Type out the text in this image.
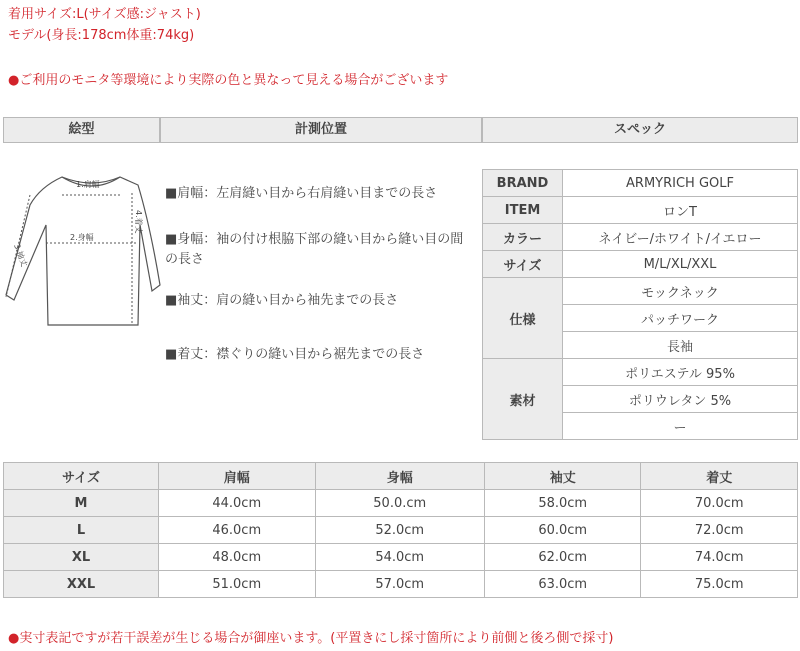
着用サイズ:L(サイズ感:ジャスト)
モデル(身長:178cm体重:74kg)
●ご利用のモニタ等環境により実際の色と異なって見える場合がございます
絵型	計測位置	スペック
1.肩幅
2.身幅
3.袖丈
4.着丈
■肩幅：左肩縫い目から右肩縫い目までの長さ
■身幅：袖の付け根脇下部の縫い目から縫い目の間の長さ
■袖丈：肩の縫い目から袖先までの長さ
■着丈：襟ぐりの縫い目から裾先までの長さ
BRAND	ARMYRICH GOLF
ITEM	ロンT
カラー	ネイビー/ホワイト/イエロー
サイズ	M/L/XL/XXL
仕様	モックネック
	パッチワーク
	長袖
素材	ポリエステル 95%
	ポリウレタン 5%
	ー
サイズ	肩幅	身幅	袖丈	着丈
M	44.0cm	50.0.cm	58.0cm	70.0cm
L	46.0cm	52.0cm	60.0cm	72.0cm
XL	48.0cm	54.0cm	62.0cm	74.0cm
XXL	51.0cm	57.0cm	63.0cm	75.0cm
●実寸表記ですが若干誤差が生じる場合が御座います。(平置きにし採寸箇所により前側と後ろ側で採寸)
